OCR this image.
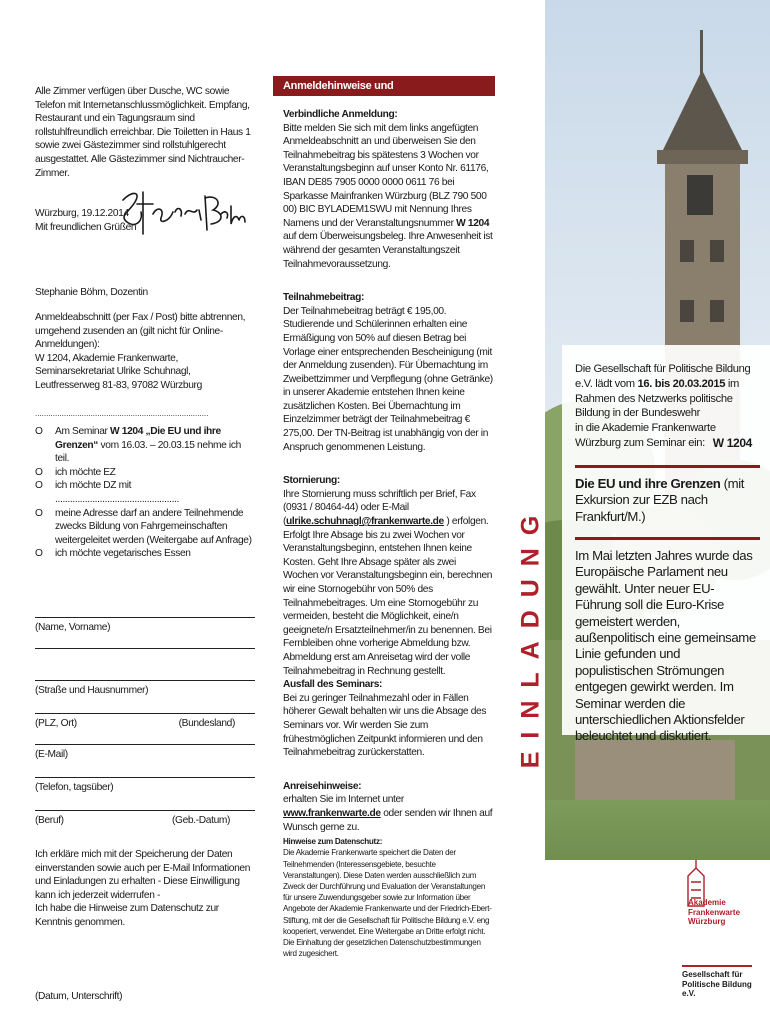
Alle Zimmer verfügen über Dusche, WC sowie Telefon mit Internetanschlussmöglichkeit. Empfang, Restaurant und ein Tagungsraum sind rollstuhlfreundlich erreichbar. Die Toiletten in Haus 1 sowie zwei Gästezimmer sind rollstuhlgerecht ausgestattet. Alle Gästezimmer sind Nichtraucher-Zimmer.

Würzburg, 19.12.2014

Mit freundlichen Grüßen

Stephanie Böhm, Dozentin

Anmeldeabschnitt (per Fax / Post) bitte abtrennen, umgehend zusenden an (gilt nicht für Online-Anmeldungen):

W 1204, Akademie Frankenwarte, Seminarsekretariat Ulrike Schuhnagl, Leutfresserweg 81-83, 97082 Würzburg

..............................................................................

O	Am Seminar W 1204 „Die EU und ihre Grenzen“ vom 16.03. – 20.03.15 nehme ich teil.
O	ich möchte EZ
O	ich möchte DZ mit ..................................................
O	meine Adresse darf an andere Teilnehmende zwecks Bildung von Fahrgemeinschaften weitergeleitet werden (Weitergabe auf Anfrage)
O	ich möchte vegetarisches Essen
(Name, Vorname)
(Straße und Hausnummer)
(PLZ, Ort)	(Bundesland)
(E-Mail)
(Telefon, tagsüber)
(Beruf)	(Geb.-Datum)

Ich erkläre mich mit der Speicherung der Daten einverstanden sowie auch per E-Mail Informationen und Einladungen zu erhalten - Diese Einwilligung kann ich jederzeit widerrufen -

Ich habe die Hinweise zum Datenschutz zur Kenntnis genommen.

(Datum, Unterschrift)

Anmeldehinweise und Teilnahmebedingungen

Verbindliche Anmeldung:

Bitte melden Sie sich mit dem links angefügten Anmeldeabschnitt an und überweisen Sie den Teilnahmebeitrag bis spätestens 3 Wochen vor Veranstaltungsbeginn auf unser Konto Nr. 61176, IBAN DE85 7905 0000 0000 0611 76 bei Sparkasse Mainfranken Würzburg (BLZ 790 500 00) BIC BYLADEM1SWU mit Nennung Ihres Namens und der Veranstaltungsnummer W 1204 auf dem Überweisungsbeleg. Ihre Anwesenheit ist während der gesamten Veranstaltungszeit Teilnahmevoraussetzung.

Teilnahmebeitrag:

Der Teilnahmebeitrag beträgt € 195,00. Studierende und Schülerinnen erhalten eine Ermäßigung von 50% auf diesen Betrag bei Vorlage einer entsprechenden Bescheinigung (mit der Anmeldung zusenden). Für Übernachtung im Zweibettzimmer und Verpflegung (ohne Getränke) in unserer Akademie entstehen Ihnen keine zusätzlichen Kosten. Bei Übernachtung im Einzelzimmer beträgt der Teilnahmebeitrag € 275,00. Der TN-Beitrag ist unabhängig von der in Anspruch genommenen Leistung.

Stornierung:

Ihre Stornierung muss schriftlich per Brief, Fax (0931 / 80464-44) oder E-Mail (ulrike.schuhnagl@frankenwarte.de ) erfolgen. Erfolgt Ihre Absage bis zu zwei Wochen vor Veranstaltungsbeginn, entstehen Ihnen keine Kosten. Geht Ihre Absage später als zwei Wochen vor Veranstaltungsbeginn ein, berechnen wir eine Stornogebühr von 50% des Teilnahmebeitrages. Um eine Stornogebühr zu vermeiden, besteht die Möglichkeit, eine/n geeignete/n Ersatzteilnehmer/in zu benennen. Bei Fernbleiben ohne vorherige Abmeldung bzw. Abmeldung erst am Anreisetag wird der volle Teilnahmebeitrag in Rechnung gestellt.

Ausfall des Seminars:

Bei zu geringer Teilnahmezahl oder in Fällen höherer Gewalt behalten wir uns die Absage des Seminars vor. Wir werden Sie zum frühestmöglichen Zeitpunkt informieren und den Teilnahmebeitrag zurückerstatten.

Anreisehinweise:

erhalten Sie im Internet unter www.frankenwarte.de oder senden wir Ihnen auf Wunsch gerne zu.

Hinweise zum Datenschutz:

Die Akademie Frankenwarte speichert die Daten der Teilnehmenden (Interessensgebiete, besuchte Veranstaltungen). Diese Daten werden ausschließlich zum Zweck der Durchführung und Evaluation der Veranstaltungen für unsere Zuwendungsgeber sowie zur Information über Angebote der Akademie Frankenwarte und der Friedrich-Ebert-Stiftung, mit der die Gesellschaft für Politische Bildung e.V. eng kooperiert, verwendet. Eine Weitergabe an Dritte erfolgt nicht. Die Einhaltung der gesetzlichen Datenschutzbestimmungen wird zugesichert.

EINLADUNG

Die Gesellschaft für Politische Bildung e.V. lädt vom 16. bis 20.03.2015 im Rahmen des Netzwerks politische Bildung in der Bundeswehr

in die Akademie Frankenwarte Würzburg zum Seminar ein: W 1204

Die EU und ihre Grenzen (mit Exkursion zur EZB nach Frankfurt/M.)

Im Mai letzten Jahres wurde das Europäische Parlament neu gewählt. Unter neuer EU-Führung soll die Euro-Krise gemeistert werden, außenpolitisch eine gemeinsame Linie gefunden und populistischen Strömungen entgegen gewirkt werden. Im Seminar werden die unterschiedlichen Aktionsfelder beleuchtet und diskutiert.

Akademie Frankenwarte Würzburg

Gesellschaft für Politische Bildung e.V.
